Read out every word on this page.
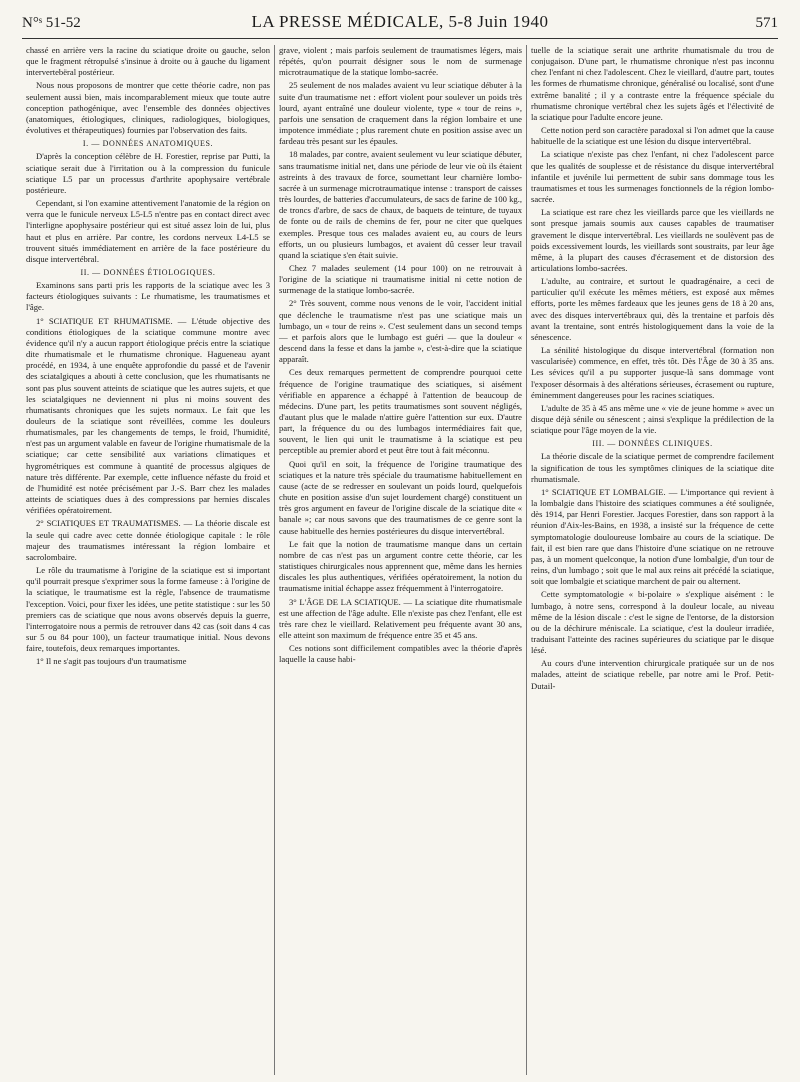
N°ˢ 51-52	LA PRESSE MÉDICALE, 5-8 Juin 1940	571

chassé en arrière vers la racine du sciatique droite ou gauche, selon que le fragment rétropulsé s'insinue à droite ou à gauche du ligament intervertebëral postérieur.

Nous nous proposons de montrer que cette théorie cadre, non pas seulement aussi bien, mais incomparablement mieux que toute autre conception pathogénique, avec l'ensemble des données objectives (anatomiques, étiologiques, cliniques, radiologiques, biologiques, évolutives et thérapeutiques) fournies par l'observation des faits.

I. — DONNÉES ANATOMIQUES.

D'après la conception célèbre de H. Forestier, reprise par Putti, la sciatique serait due à l'irritation ou à la compression du funicule sciatique L5 par un processus d'arthrite apophysaire vertébrale postérieure.

Cependant, si l'on examine attentivement l'anatomie de la région on verra que le funicule nerveux L5-L5 n'entre pas en contact direct avec l'interligne apophysaire postérieur qui est situé assez loin de lui, plus haut et plus en arrière. Par contre, les cordons nerveux L4-L5 se trouvent situés immédiatement en arrière de la face postérieure du disque intervertébral.

II. — DONNÉES ÉTIOLOGIQUES.

Examinons sans parti pris les rapports de la sciatique avec les 3 facteurs étiologiques suivants : Le rhumatisme, les traumatismes et l'âge.

1° SCIATIQUE ET RHUMATISME. — L'étude objective des conditions étiologiques de la sciatique commune montre avec évidence qu'il n'y a aucun rapport étiologique précis entre la sciatique dite rhumatismale et le rhumatisme chronique. Hagueneau ayant procédé, en 1934, à une enquête approfondie du passé et de l'avenir des sciatalgiques a abouti à cette conclusion, que les rhumatisants ne sont pas plus souvent atteints de sciatique que les autres sujets, et que les sciatalgiques ne deviennent ni plus ni moins souvent des rhumatisants chroniques que les sujets normaux. Le fait que les douleurs de la sciatique sont réveillées, comme les douleurs rhumatismales, par les changements de temps, le froid, l'humidité, n'est pas un argument valable en faveur de l'origine rhumatismale de la sciatique; car cette sensibilité aux variations climatiques et hygrométriques est commune à quantité de processus algiques de nature très différente. Par exemple, cette influence néfaste du froid et de l'humidité est notée précisément par J.-S. Barr chez les malades atteints de sciatiques dues à des compressions par hernies discales vérifiées opératoirement.

2° SCIATIQUES ET TRAUMATISMES. — La théorie discale est la seule qui cadre avec cette donnée étiologique capitale : le rôle majeur des traumatismes intéressant la région lombaire et sacrolombaire.

Le rôle du traumatisme à l'origine de la sciatique est si important qu'il pourrait presque s'exprimer sous la forme fameuse : à l'origine de la sciatique, le traumatisme est la règle, l'absence de traumatisme l'exception. Voici, pour fixer les idées, une petite statistique : sur les 50 premiers cas de sciatique que nous avons observés depuis la guerre, l'interrogatoire nous a permis de retrouver dans 42 cas (soit dans 4 cas sur 5 ou 84 pour 100), un facteur traumatique initial. Nous devons faire, toutefois, deux remarques importantes.

1° Il ne s'agit pas toujours d'un traumatisme

grave, violent ; mais parfois seulement de traumatismes légers, mais répétés, qu'on pourrait désigner sous le nom de surmenage microtraumatique de la statique lombo-sacrée.

25 seulement de nos malades avaient vu leur sciatique débuter à la suite d'un traumatisme net : effort violent pour soulever un poids très lourd, ayant entraîné une douleur violente, type « tour de reins », parfois une sensation de craquement dans la région lombaire et une impotence immédiate ; plus rarement chute en position assise avec un fardeau très pesant sur les épaules.

18 malades, par contre, avaient seulement vu leur sciatique débuter, sans traumatisme initial net, dans une période de leur vie où ils étaient astreints à des travaux de force, soumettant leur charnière lombo-sacrée à un surmenage microtraumatique intense : transport de caisses très lourdes, de batteries d'accumulateurs, de sacs de farine de 100 kg., de troncs d'arbre, de sacs de chaux, de baquets de teinture, de tuyaux de fonte ou de rails de chemins de fer, pour ne citer que quelques exemples. Presque tous ces malades avaient eu, au cours de leurs efforts, un ou plusieurs lumbagos, et avaient dû cesser leur travail quand la sciatique s'en était suivie.

Chez 7 malades seulement (14 pour 100) on ne retrouvait à l'origine de la sciatique ni traumatisme initial ni cette notion de surmenage de la statique lombo-sacrée.

2° Très souvent, comme nous venons de le voir, l'accident initial que déclenche le traumatisme n'est pas une sciatique mais un lumbago, un « tour de reins ». C'est seulement dans un second temps — et parfois alors que le lumbago est guéri — que la douleur « descend dans la fesse et dans la jambe », c'est-à-dire que la sciatique apparaît.

Ces deux remarques permettent de comprendre pourquoi cette fréquence de l'origine traumatique des sciatiques, si aisément vérifiable en apparence a échappé à l'attention de beaucoup de médecins. D'une part, les petits traumatismes sont souvent négligés, d'autant plus que le malade n'attire guère l'attention sur eux. D'autre part, la fréquence du ou des lumbagos intermédiaires fait que, souvent, le lien qui unit le traumatisme à la sciatique est peu perceptible au premier abord et peut être tout à fait méconnu.

Quoi qu'il en soit, la fréquence de l'origine traumatique des sciatiques et la nature très spéciale du traumatisme habituellement en cause (acte de se redresser en soulevant un poids lourd, quelquefois chute en position assise d'un sujet lourdement chargé) constituent un très gros argument en faveur de l'origine discale de la sciatique dite « banale »; car nous savons que des traumatismes de ce genre sont la cause habituelle des hernies postérieures du disque intervertébral.

Le fait que la notion de traumatisme manque dans un certain nombre de cas n'est pas un argument contre cette théorie, car les statistiques chirurgicales nous apprennent que, même dans les hernies discales les plus authentiques, vérifiées opératoirement, la notion du traumatisme initial échappe assez fréquemment à l'interrogatoire.

3° L'ÂGE DE LA SCIATIQUE. — La sciatique dite rhumatismale est une affection de l'âge adulte. Elle n'existe pas chez l'enfant, elle est très rare chez le vieillard. Relativement peu fréquente avant 30 ans, elle atteint son maximum de fréquence entre 35 et 45 ans.

Ces notions sont difficilement compatibles avec la théorie d'après laquelle la cause habi-

tuelle de la sciatique serait une arthrite rhumatismale du trou de conjugaison. D'une part, le rhumatisme chronique n'est pas inconnu chez l'enfant ni chez l'adolescent. Chez le vieillard, d'autre part, toutes les formes de rhumatisme chronique, généralisé ou localisé, sont d'une extrême banalité ; il y a contraste entre la fréquence spéciale du rhumatisme chronique vertébral chez les sujets âgés et l'électivité de la sciatique pour l'adulte encore jeune.

Cette notion perd son caractère paradoxal si l'on admet que la cause habituelle de la sciatique est une lésion du disque intervertébral.

La sciatique n'existe pas chez l'enfant, ni chez l'adolescent parce que les qualités de souplesse et de résistance du disque intervertébral infantile et juvénile lui permettent de subir sans dommage tous les traumatismes et tous les surmenages fonctionnels de la région lombo-sacrée.

La sciatique est rare chez les vieillards parce que les vieillards ne sont presque jamais soumis aux causes capables de traumatiser gravement le disque intervertébral. Les vieillards ne soulèvent pas de poids excessivement lourds, les vieillards sont soustraits, par leur âge même, à la plupart des causes d'écrasement et de distorsion des articulations lombo-sacrées.

L'adulte, au contraire, et surtout le quadragénaire, a ceci de particulier qu'il exécute les mêmes métiers, est exposé aux mêmes efforts, porte les mêmes fardeaux que les jeunes gens de 18 à 20 ans, avec des disques intervertébraux qui, dès la trentaine et parfois dès avant la trentaine, sont entrés histologiquement dans la voie de la sénescence.

La sénilité histologique du disque intervertébral (formation non vascularisée) commence, en effet, très tôt. Dès l'Âge de 30 à 35 ans. Les sévices qu'il a pu supporter jusque-là sans dommage vont l'exposer désormais à des altérations sérieuses, écrasement ou rupture, éminemment dangereuses pour les racines sciatiques.

L'adulte de 35 à 45 ans même une « vie de jeune homme » avec un disque déjà sénile ou sénescent ; ainsi s'explique la prédilection de la sciatique pour l'âge moyen de la vie.

III. — DONNÉES CLINIQUES.

La théorie discale de la sciatique permet de comprendre facilement la signification de tous les symptômes cliniques de la sciatique dite rhumatismale.

1° SCIATIQUE ET LOMBALGIE. — L'importance qui revient à la lombalgie dans l'histoire des sciatiques communes a été soulignée, dès 1914, par Henri Forestier. Jacques Forestier, dans son rapport à la réunion d'Aix-les-Bains, en 1938, a insisté sur la fréquence de cette symptomatologie douloureuse lombaire au cours de la sciatique. De fait, il est bien rare que dans l'histoire d'une sciatique on ne retrouve pas, à un moment quelconque, la notion d'une lombalgie, d'un tour de reins, d'un lumbago ; soit que le mal aux reins ait précédé la sciatique, soit que lombalgie et sciatique marchent de pair ou alternent.

Cette symptomatologie « bi-polaire » s'explique aisément : le lumbago, à notre sens, correspond à la douleur locale, au niveau même de la lésion discale : c'est le signe de l'entorse, de la distorsion ou de la déchirure méniscale. La sciatique, c'est la douleur irradiée, traduisant l'atteinte des racines supérieures du sciatique par le disque lésé.

Au cours d'une intervention chirurgicale pratiquée sur un de nos malades, atteint de sciatique rebelle, par notre ami le Prof. Petit-Dutail-
